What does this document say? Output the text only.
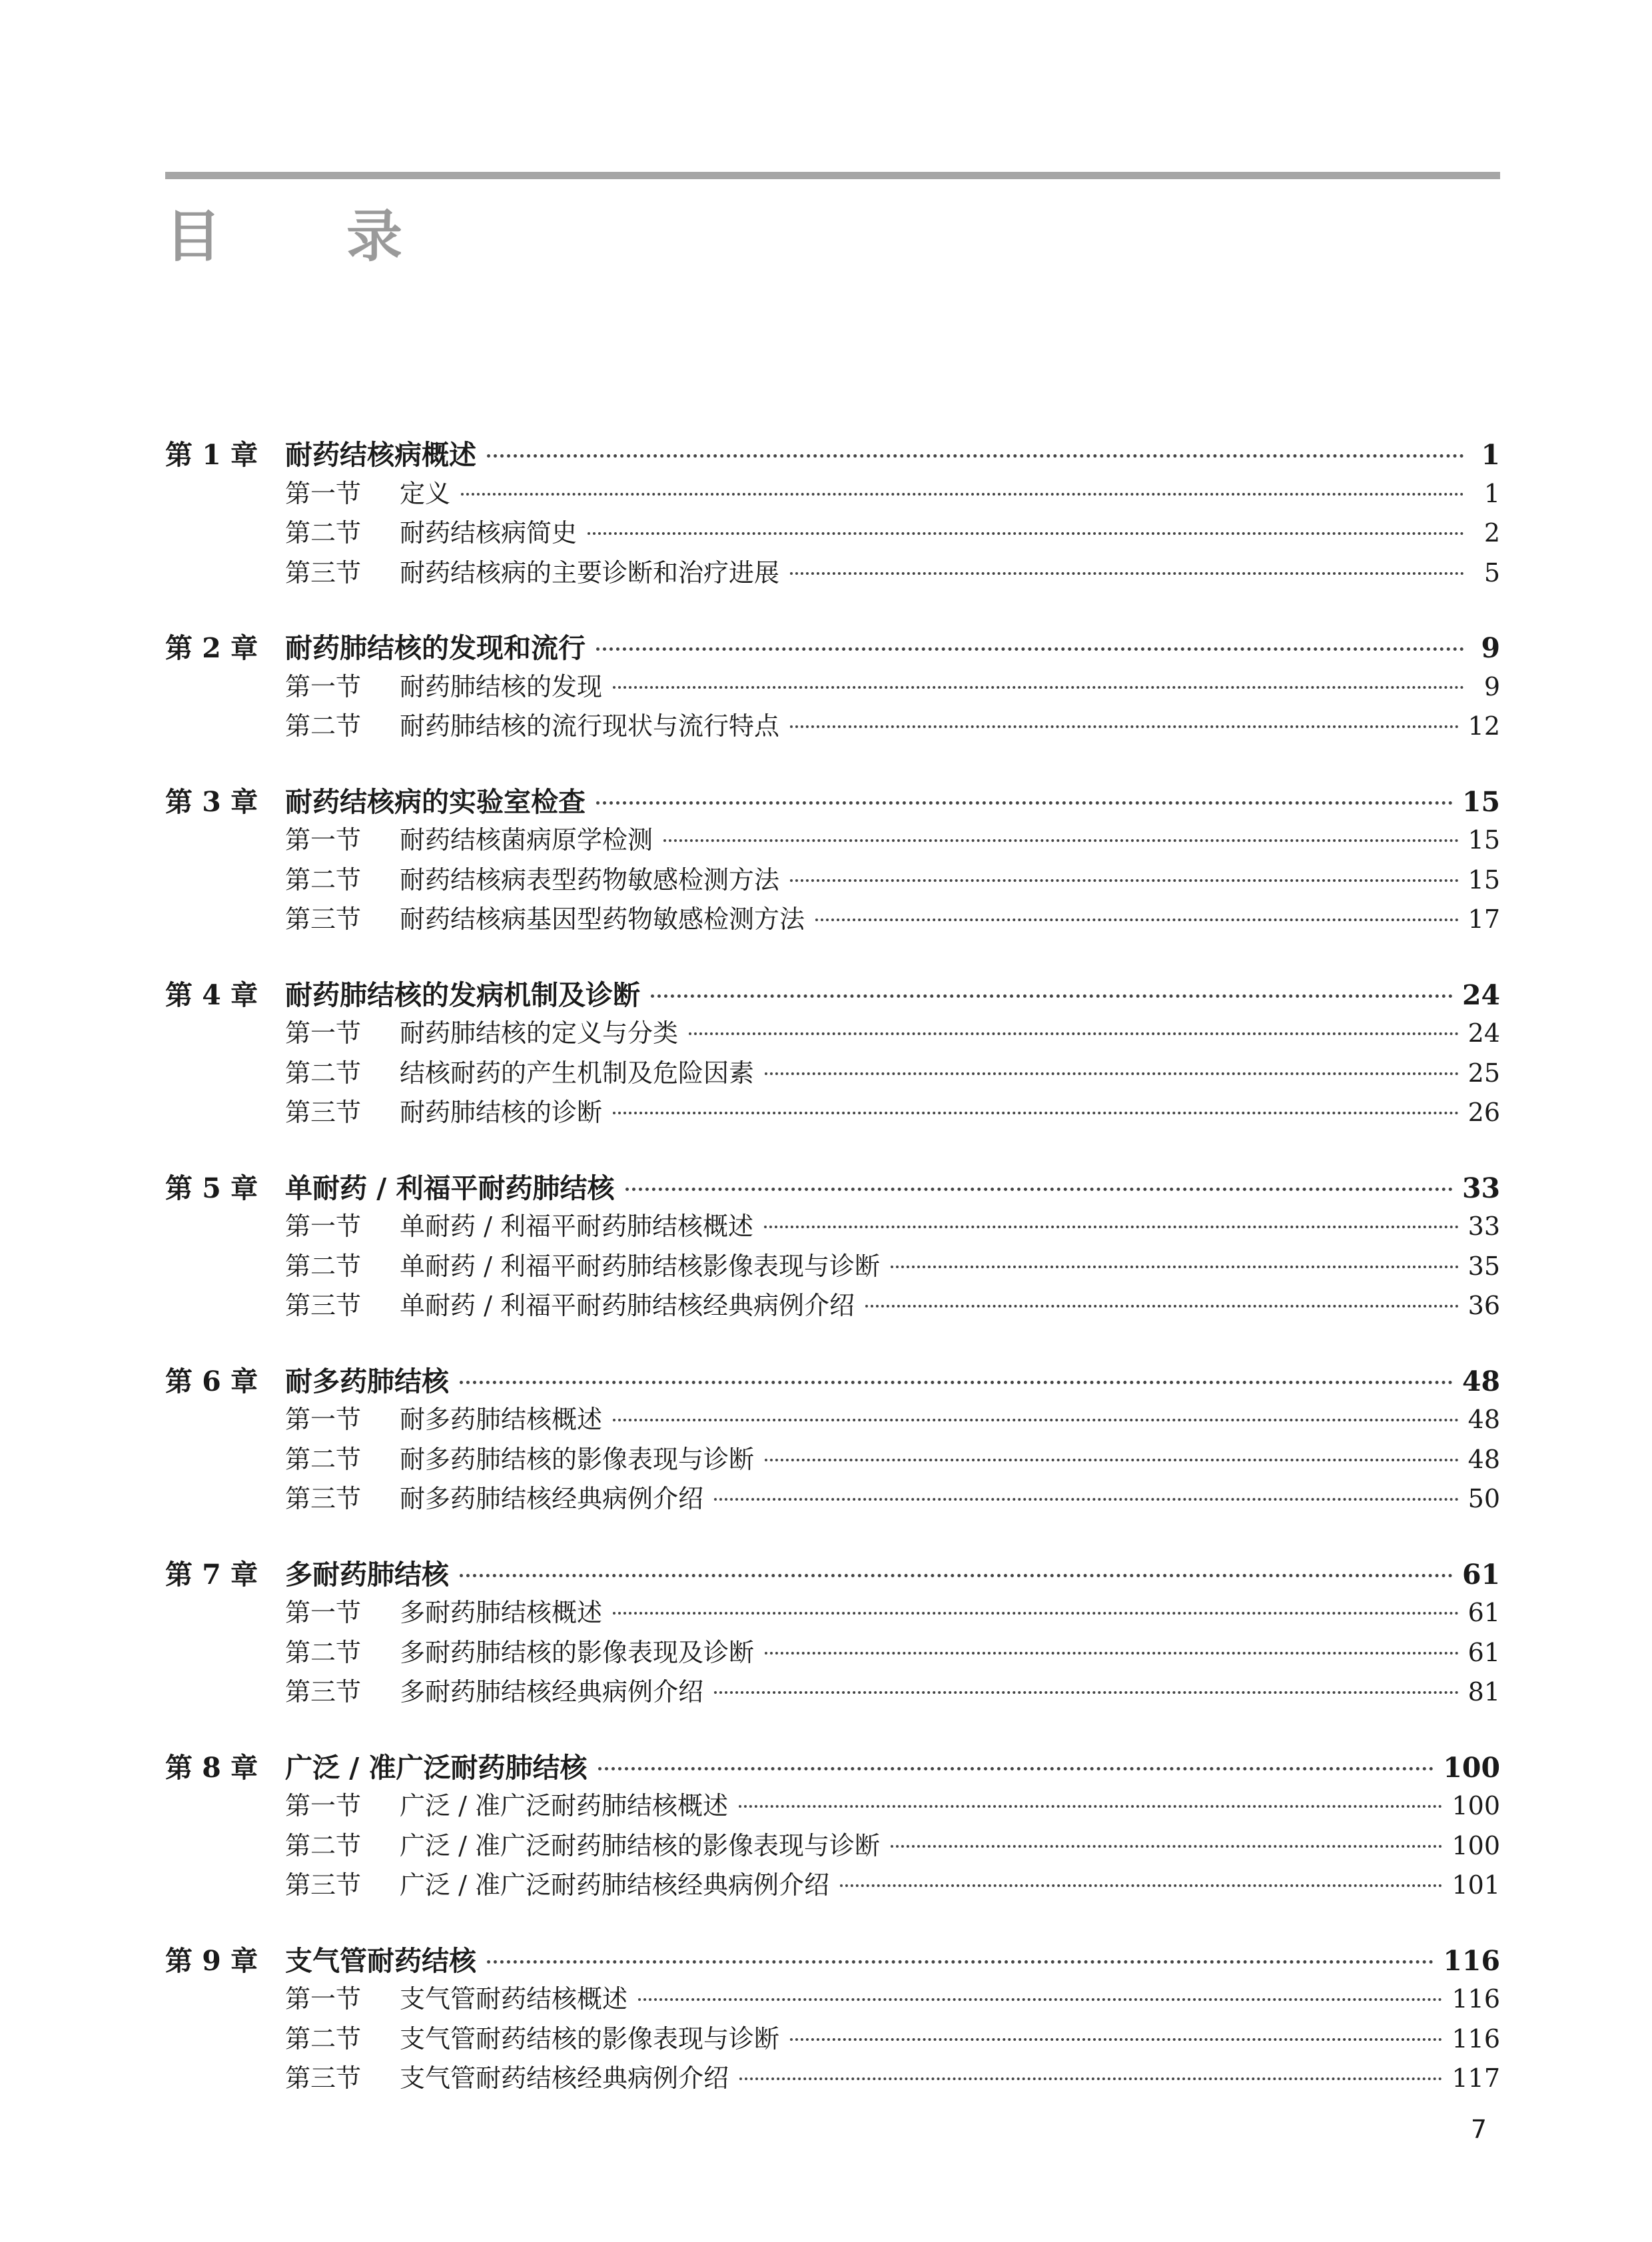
目录
第 1 章 耐药结核病概述	1
第一节	定义	1
第二节	耐药结核病简史	2
第三节	耐药结核病的主要诊断和治疗进展	5
第 2 章 耐药肺结核的发现和流行	9
第一节	耐药肺结核的发现	9
第二节	耐药肺结核的流行现状与流行特点	12
第 3 章 耐药结核病的实验室检查	15
第一节	耐药结核菌病原学检测	15
第二节	耐药结核病表型药物敏感检测方法	15
第三节	耐药结核病基因型药物敏感检测方法	17
第 4 章 耐药肺结核的发病机制及诊断	24
第一节	耐药肺结核的定义与分类	24
第二节	结核耐药的产生机制及危险因素	25
第三节	耐药肺结核的诊断	26
第 5 章 单耐药 / 利福平耐药肺结核	33
第一节	单耐药 / 利福平耐药肺结核概述	33
第二节	单耐药 / 利福平耐药肺结核影像表现与诊断	35
第三节	单耐药 / 利福平耐药肺结核经典病例介绍	36
第 6 章 耐多药肺结核	48
第一节	耐多药肺结核概述	48
第二节	耐多药肺结核的影像表现与诊断	48
第三节	耐多药肺结核经典病例介绍	50
第 7 章 多耐药肺结核	61
第一节	多耐药肺结核概述	61
第二节	多耐药肺结核的影像表现及诊断	61
第三节	多耐药肺结核经典病例介绍	81
第 8 章 广泛 / 准广泛耐药肺结核	100
第一节	广泛 / 准广泛耐药肺结核概述	100
第二节	广泛 / 准广泛耐药肺结核的影像表现与诊断	100
第三节	广泛 / 准广泛耐药肺结核经典病例介绍	101
第 9 章 支气管耐药结核	116
第一节	支气管耐药结核概述	116
第二节	支气管耐药结核的影像表现与诊断	116
第三节	支气管耐药结核经典病例介绍	117
7
